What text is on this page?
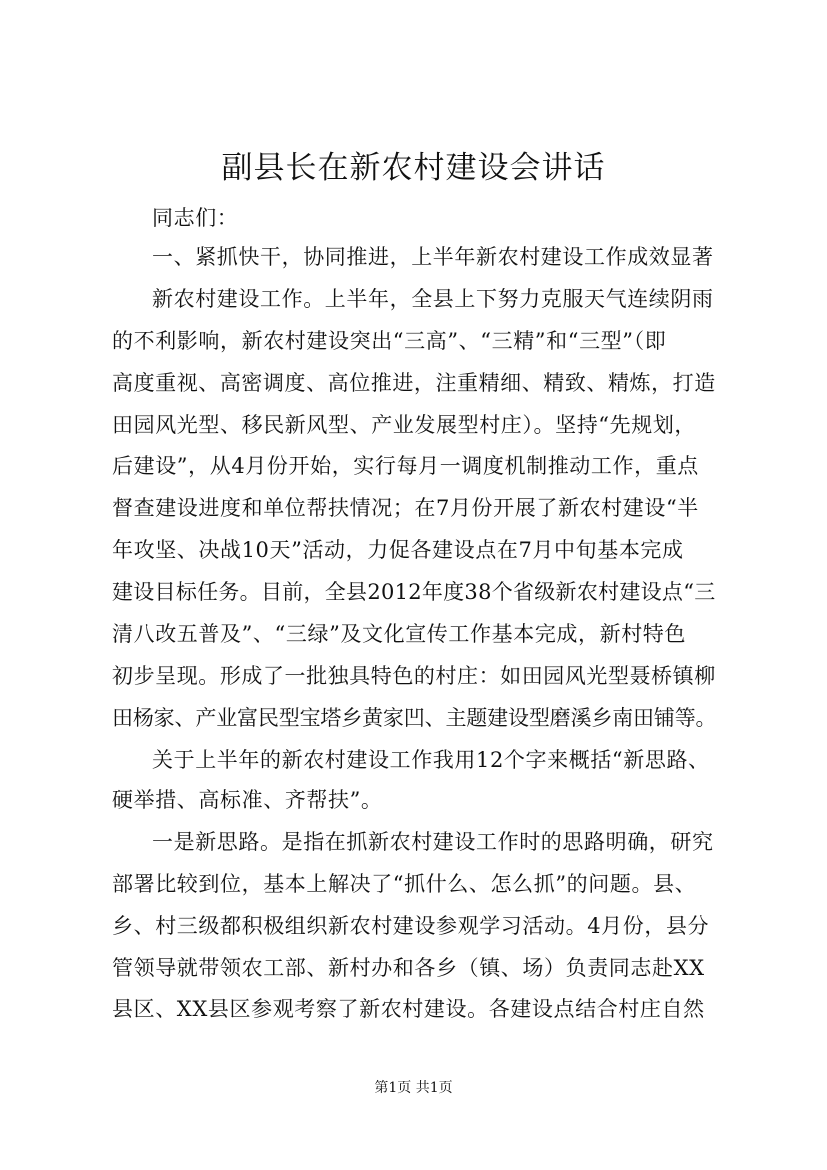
副县长在新农村建设会讲话
同志们：
一、紧抓快干，协同推进，上半年新农村建设工作成效显著
新农村建设工作。上半年，全县上下努力克服天气连续阴雨
的不利影响，新农村建设突出“三高”、“三精”和“三型”（即
高度重视、高密调度、高位推进，注重精细、精致、精炼，打造
田园风光型、移民新风型、产业发展型村庄）。坚持“先规划，
后建设”，从4月份开始，实行每月一调度机制推动工作，重点
督查建设进度和单位帮扶情况；在7月份开展了新农村建设“半
年攻坚、决战10天”活动，力促各建设点在7月中旬基本完成
建设目标任务。目前，全县2012年度38个省级新农村建设点“三
清八改五普及”、“三绿”及文化宣传工作基本完成，新村特色
初步呈现。形成了一批独具特色的村庄：如田园风光型聂桥镇柳
田杨家、产业富民型宝塔乡黄家凹、主题建设型磨溪乡南田铺等。
关于上半年的新农村建设工作我用12个字来概括“新思路、
硬举措、高标准、齐帮扶”。
一是新思路。是指在抓新农村建设工作时的思路明确，研究
部署比较到位，基本上解决了“抓什么、怎么抓”的问题。县、
乡、村三级都积极组织新农村建设参观学习活动。4月份，县分
管领导就带领农工部、新村办和各乡（镇、场）负责同志赴XX
县区、XX县区参观考察了新农村建设。各建设点结合村庄自然
第1页 共1页
